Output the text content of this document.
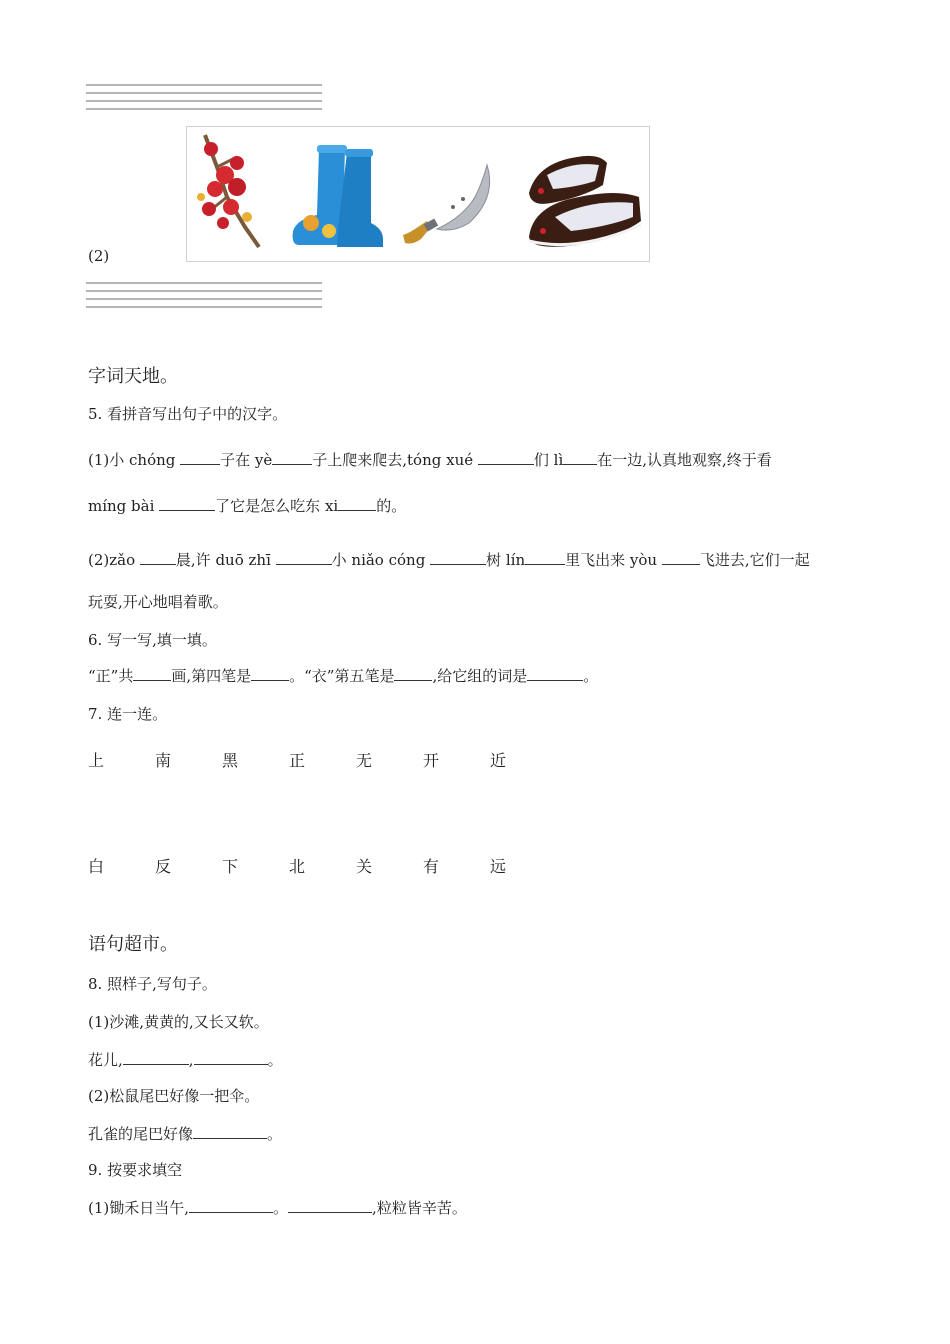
(2)
字词天地。
5. 看拼音写出句子中的汉字。
(1)小 chóng	子在 yè	子上爬来爬去,tóng xué	们 lì 在一边,认真地观察,终于看
míng bài	了它是怎么吃东 xi	的。
(2)zǎo 晨,许 duō zhī	小 niǎo cóng	树 lín	里飞出来 yòu	飞进去,它们一起
玩耍,开心地唱着歌。
6. 写一写,填一填。
“正”共	画,第四笔是	。“衣”第五笔是	,给它组的词是	。
7. 连一连。
上	南	黑	正	无	开	近
白	反	下	北	关	有	远
语句超市。
8. 照样子,写句子。
(1)沙滩,黄黄的,又长又软。
花儿,	,	。
(2)松鼠尾巴好像一把伞。
孔雀的尾巴好像	。
9. 按要求填空
(1)锄禾日当午,	。	,粒粒皆辛苦。
